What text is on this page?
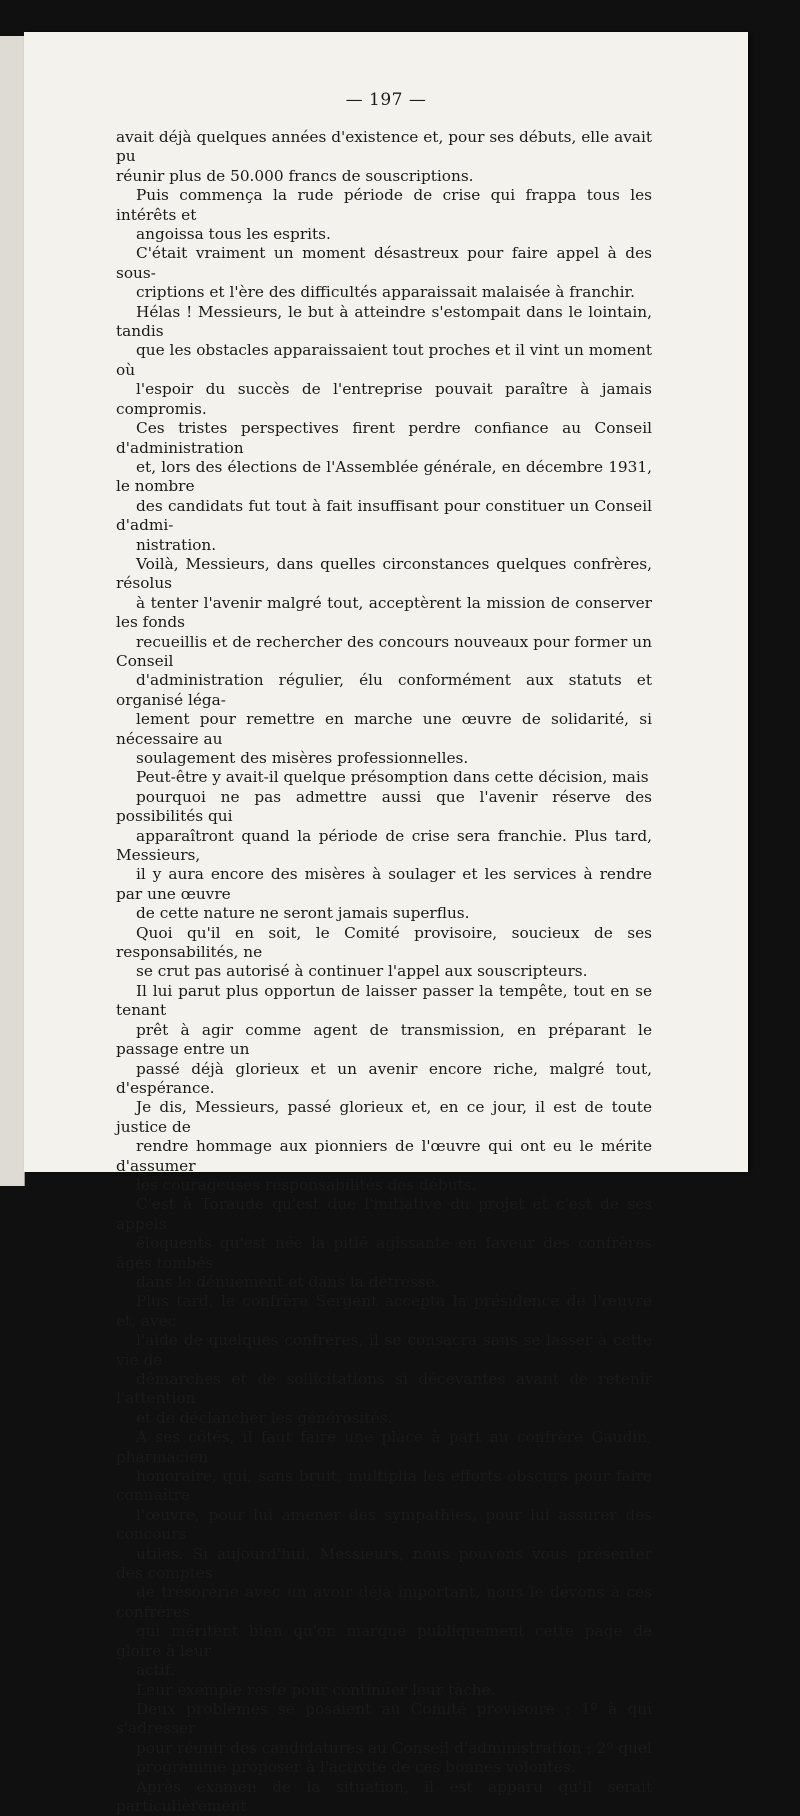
— 197 —

avait déjà quelques années d'existence et, pour ses débuts, elle avait pu
réunir plus de 50.000 francs de souscriptions.

Puis commença la rude période de crise qui frappa tous les intérêts et
angoissa tous les esprits.

C'était vraiment un moment désastreux pour faire appel à des sous-
criptions et l'ère des difficultés apparaissait malaisée à franchir.

Hélas ! Messieurs, le but à atteindre s'estompait dans le lointain, tandis
que les obstacles apparaissaient tout proches et il vint un moment où
l'espoir du succès de l'entreprise pouvait paraître à jamais compromis.
Ces tristes perspectives firent perdre confiance au Conseil d'administration
et, lors des élections de l'Assemblée générale, en décembre 1931, le nombre
des candidats fut tout à fait insuffisant pour constituer un Conseil d'admi-
nistration.

Voilà, Messieurs, dans quelles circonstances quelques confrères, résolus
à tenter l'avenir malgré tout, acceptèrent la mission de conserver les fonds
recueillis et de rechercher des concours nouveaux pour former un Conseil
d'administration régulier, élu conformément aux statuts et organisé léga-
lement pour remettre en marche une œuvre de solidarité, si nécessaire au
soulagement des misères professionnelles.

Peut-être y avait-il quelque présomption dans cette décision, mais
pourquoi ne pas admettre aussi que l'avenir réserve des possibilités qui
apparaîtront quand la période de crise sera franchie. Plus tard, Messieurs,
il y aura encore des misères à soulager et les services à rendre par une œuvre
de cette nature ne seront jamais superflus.

Quoi qu'il en soit, le Comité provisoire, soucieux de ses responsabilités, ne
se crut pas autorisé à continuer l'appel aux souscripteurs.

Il lui parut plus opportun de laisser passer la tempête, tout en se tenant
prêt à agir comme agent de transmission, en préparant le passage entre un
passé déjà glorieux et un avenir encore riche, malgré tout, d'espérance.

Je dis, Messieurs, passé glorieux et, en ce jour, il est de toute justice de
rendre hommage aux pionniers de l'œuvre qui ont eu le mérite d'assumer
les courageuses responsabilités des débuts.

C'est à Toraude qu'est due l'initiative du projet et c'est de ses appels
éloquents qu'est née la pitié agissante en faveur des confrères âgés tombés
dans le dénuement et dans la détresse.

Plus tard, le confrère Sergent accepta la présidence de l'œuvre et, avec
l'aide de quelques confrères, il se consacra sans se lasser à cette vie de
démarches et de sollicitations si décevantes avant de retenir l'attention
et de déclancher les générosités.

A ses côtés, il faut faire une place à part au confrère Gaudin, pharmacien
honoraire, qui, sans bruit, multiplia les efforts obscurs pour faire connaître
l'œuvre, pour lui amener des sympathies, pour lui assurer des concours
utiles. Si aujourd'hui, Messieurs, nous pouvons vous présenter des comptes
de trésorerie avec un avoir déjà important, nous le devons à ces confrères
qui méritent bien qu'on marque publiquement cette page de gloire à leur
actif.

Leur exemple reste pour continuer leur tâche.

Deux problèmes se posaient au Comité provisoire : 1º à qui s'adresser
pour réunir des candidatures au Conseil d'administration ; 2º quel
programme proposer à l'activité de ces bonnes volontés.

Après examen de la situation, il est apparu qu'il serait particulièrement
